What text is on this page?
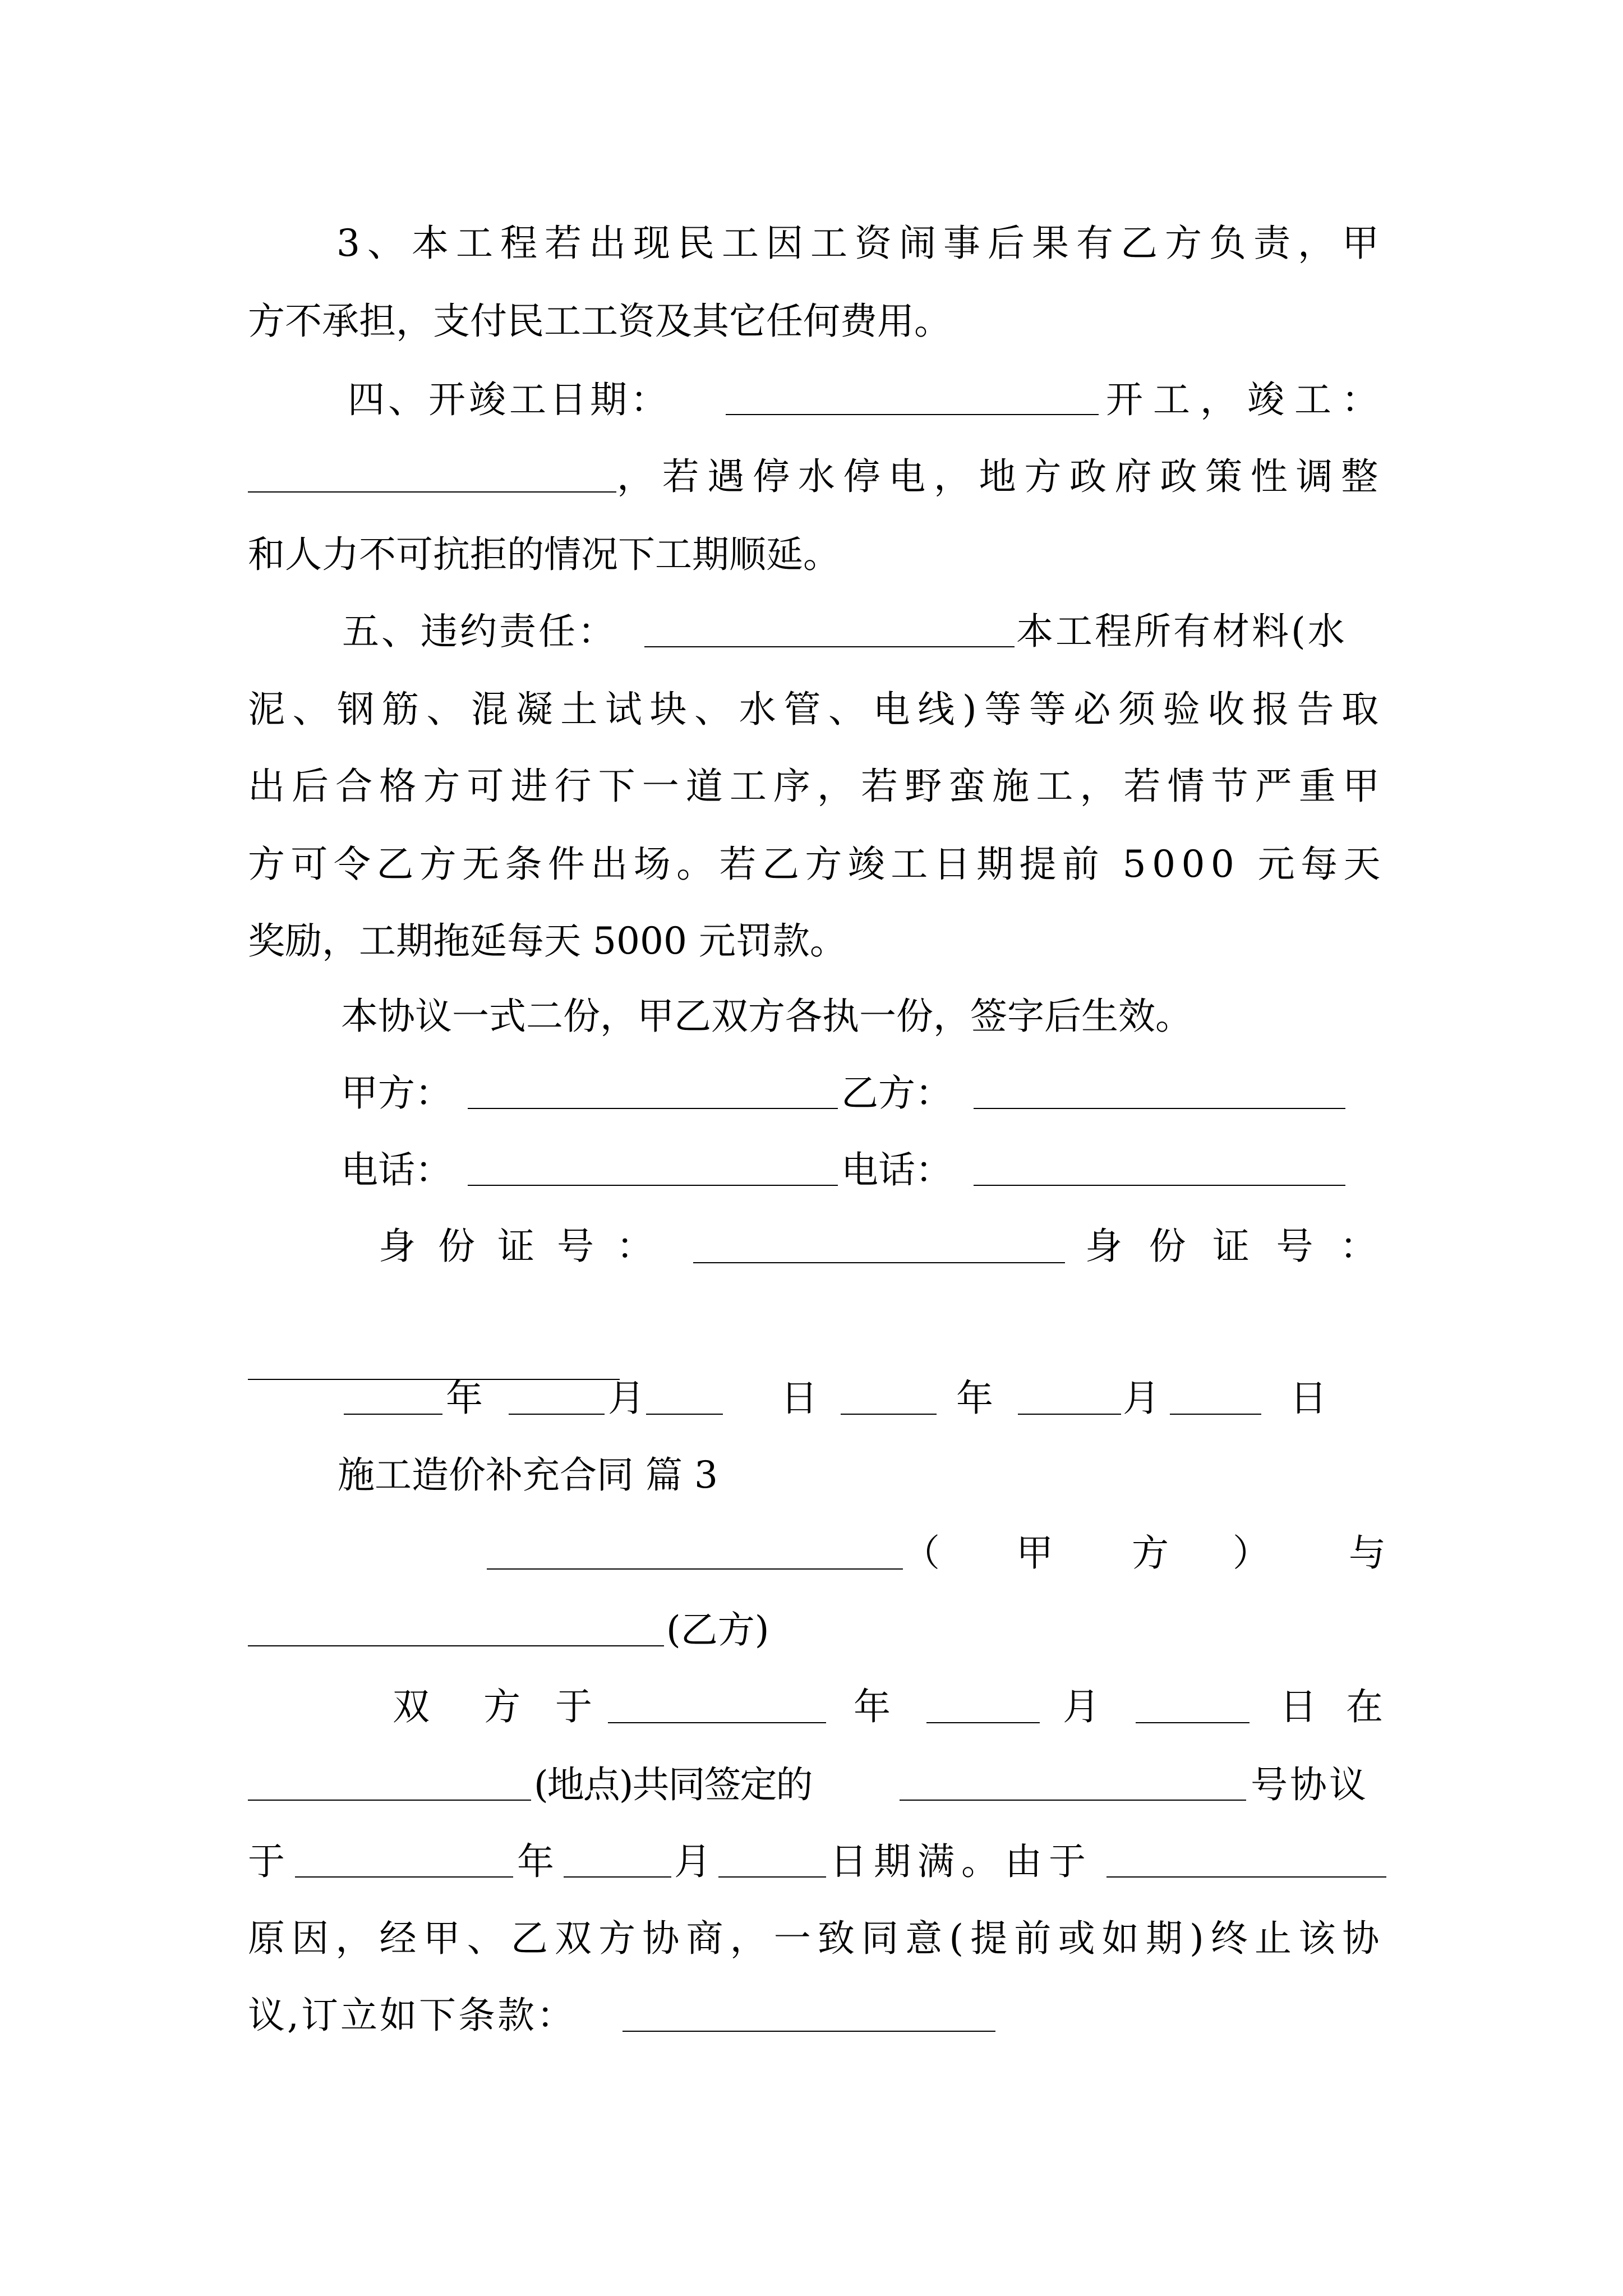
3、本工程若出现民工因工资闹事后果有乙方负责，甲
方不承担，支付民工工资及其它任何费用。
四、开竣工日期：	开工，竣工：
，若遇停水停电，地方政府政策性调整
和人力不可抗拒的情况下工期顺延。
五、违约责任：	本工程所有材料(水
泥、钢筋、混凝土试块、水管、电线)等等必须验收报告取
出后合格方可进行下一道工序，若野蛮施工，若情节严重甲
方可令乙方无条件出场。若乙方竣工日期提前 5000 元每天
奖励，工期拖延每天 5000 元罚款。
本协议一式二份，甲乙双方各执一份，签字后生效。
甲方：	乙方：
电话：	电话：
身 份 证 号 ：	身 份 证 号 ：
年	月	日	年	月	日
施工造价补充合同 篇 3
（ 甲 方 ） 与
(乙方)
双 方 于	年	月	日 在
(地点)共同签定的	号协议
于	年	月	日期满。由于
原因，经甲、乙双方协商，一致同意(提前或如期)终止该协
议,订立如下条款：
